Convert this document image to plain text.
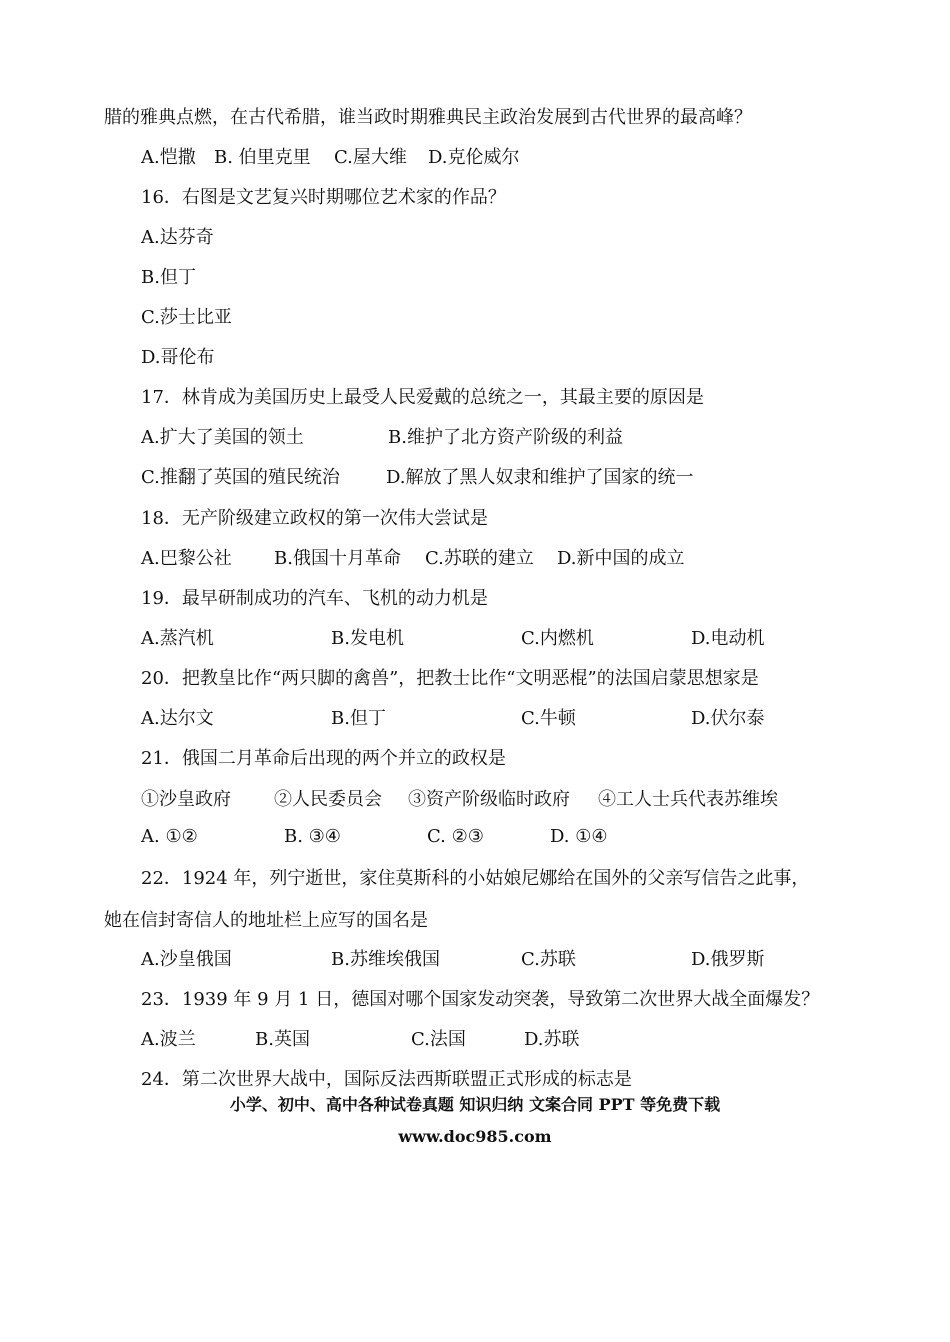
腊的雅典点燃，在古代希腊，谁当政时期雅典民主政治发展到古代世界的最高峰？
A.恺撒 B. 伯里克里 C.屋大维 D.克伦威尔
16．右图是文艺复兴时期哪位艺术家的作品？
A.达芬奇
B.但丁
C.莎士比亚
D.哥伦布
17．林肯成为美国历史上最受人民爱戴的总统之一，其最主要的原因是
A.扩大了美国的领土	B.维护了北方资产阶级的利益
C.推翻了英国的殖民统治	D.解放了黑人奴隶和维护了国家的统一
18．无产阶级建立政权的第一次伟大尝试是
A.巴黎公社 B.俄国十月革命 C.苏联的建立 D.新中国的成立
19．最早研制成功的汽车、飞机的动力机是
A.蒸汽机	B.发电机	C.内燃机	D.电动机
20．把教皇比作“两只脚的禽兽”，把教士比作“文明恶棍”的法国启蒙思想家是
A.达尔文	B.但丁	C.牛顿	D.伏尔泰
21．俄国二月革命后出现的两个并立的政权是
①沙皇政府 ②人民委员会 ③资产阶级临时政府 ④工人士兵代表苏维埃
A. ①②	B. ③④	C. ②③	D. ①④
22．1924 年，列宁逝世，家住莫斯科的小姑娘尼娜给在国外的父亲写信告之此事，
她在信封寄信人的地址栏上应写的国名是
A.沙皇俄国	B.苏维埃俄国	C.苏联	D.俄罗斯
23．1939 年 9 月 1 日，德国对哪个国家发动突袭，导致第二次世界大战全面爆发？
A.波兰	B.英国	C.法国	D.苏联
24．第二次世界大战中，国际反法西斯联盟正式形成的标志是
小学、初中、高中各种试卷真题 知识归纳 文案合同 PPT 等免费下载
www.doc985.com
